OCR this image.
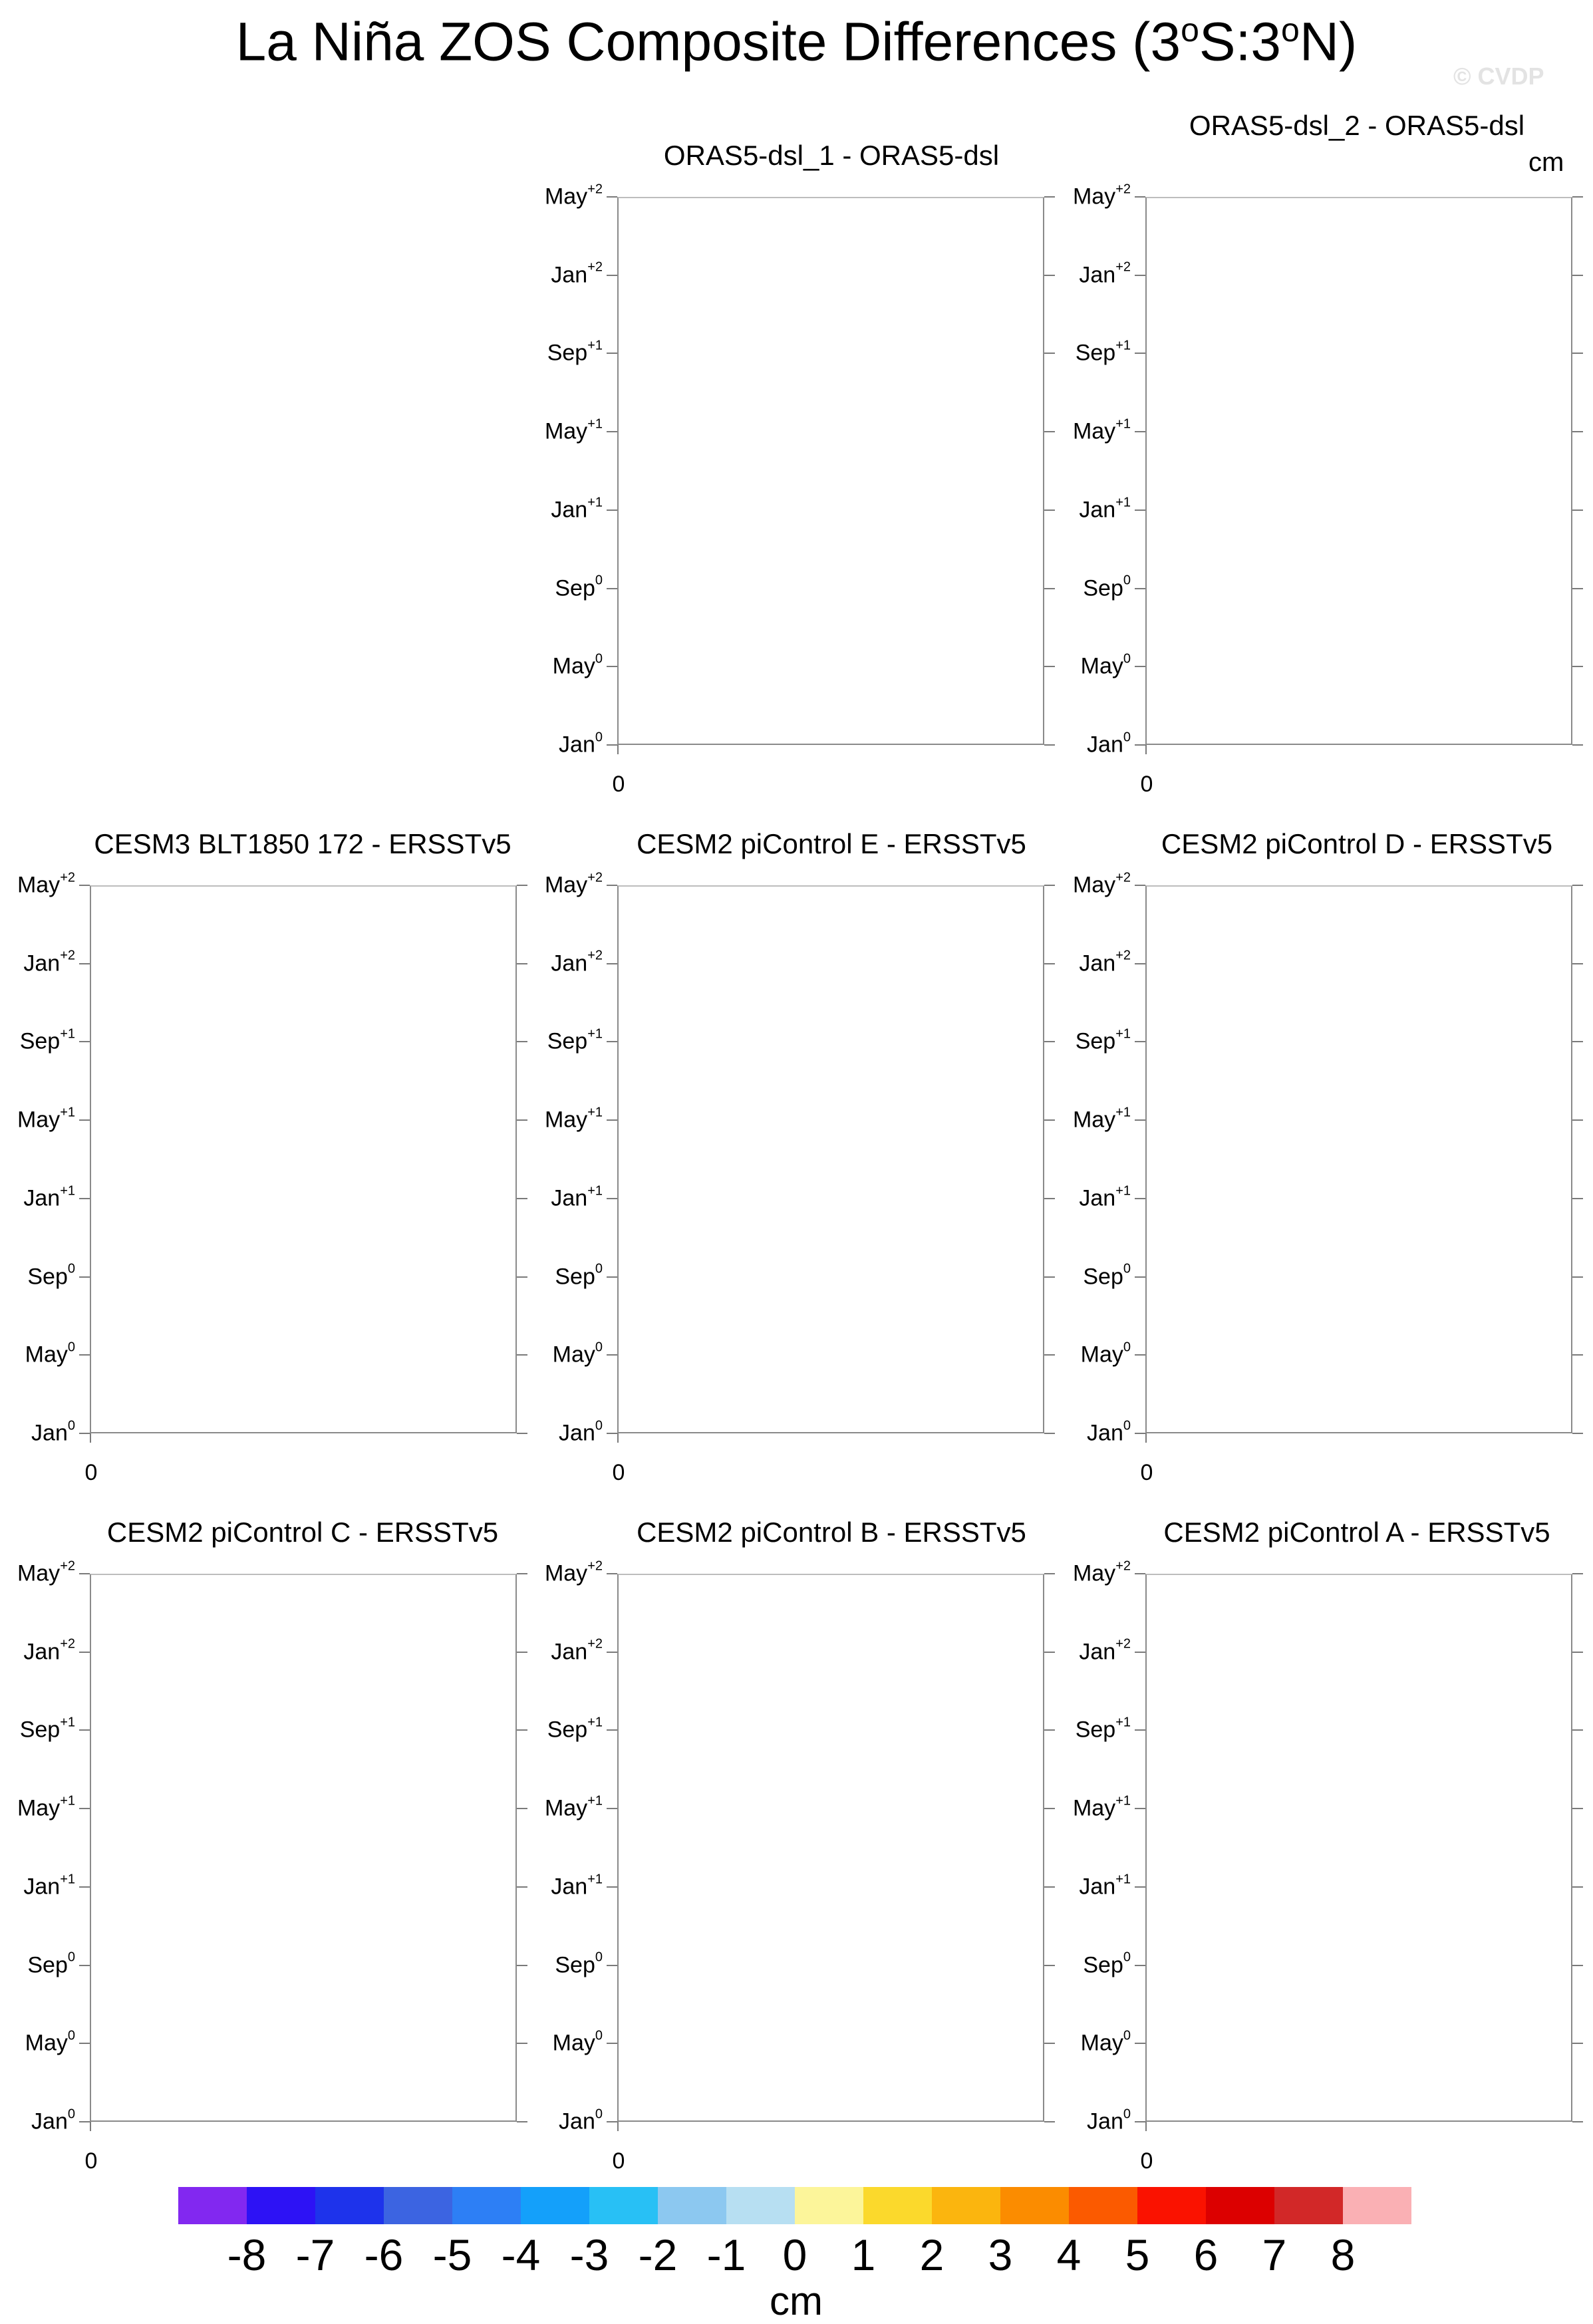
La Niña ZOS Composite Differences (3$^o$S:3$^o$N)
© CVDP
cm
ORAS5-dsl_1 - ORAS5-dsl
Jan$^0$
May$^0$
Sep$^0$
Jan$^{+1}$
May$^{+1}$
Sep$^{+1}$
Jan$^{+2}$
May$^{+2}$
0
ORAS5-dsl_2 - ORAS5-dsl
Jan$^0$
May$^0$
Sep$^0$
Jan$^{+1}$
May$^{+1}$
Sep$^{+1}$
Jan$^{+2}$
May$^{+2}$
0
CESM3 BLT1850 172 - ERSSTv5
Jan$^0$
May$^0$
Sep$^0$
Jan$^{+1}$
May$^{+1}$
Sep$^{+1}$
Jan$^{+2}$
May$^{+2}$
0
CESM2 piControl E - ERSSTv5
Jan$^0$
May$^0$
Sep$^0$
Jan$^{+1}$
May$^{+1}$
Sep$^{+1}$
Jan$^{+2}$
May$^{+2}$
0
CESM2 piControl D - ERSSTv5
Jan$^0$
May$^0$
Sep$^0$
Jan$^{+1}$
May$^{+1}$
Sep$^{+1}$
Jan$^{+2}$
May$^{+2}$
0
CESM2 piControl C - ERSSTv5
Jan$^0$
May$^0$
Sep$^0$
Jan$^{+1}$
May$^{+1}$
Sep$^{+1}$
Jan$^{+2}$
May$^{+2}$
0
CESM2 piControl B - ERSSTv5
Jan$^0$
May$^0$
Sep$^0$
Jan$^{+1}$
May$^{+1}$
Sep$^{+1}$
Jan$^{+2}$
May$^{+2}$
0
CESM2 piControl A - ERSSTv5
Jan$^0$
May$^0$
Sep$^0$
Jan$^{+1}$
May$^{+1}$
Sep$^{+1}$
Jan$^{+2}$
May$^{+2}$
0
-8 -7 -6 -5 -4 -3 -2 -1 0 1 2 3 4 5 6 7 8
cm
